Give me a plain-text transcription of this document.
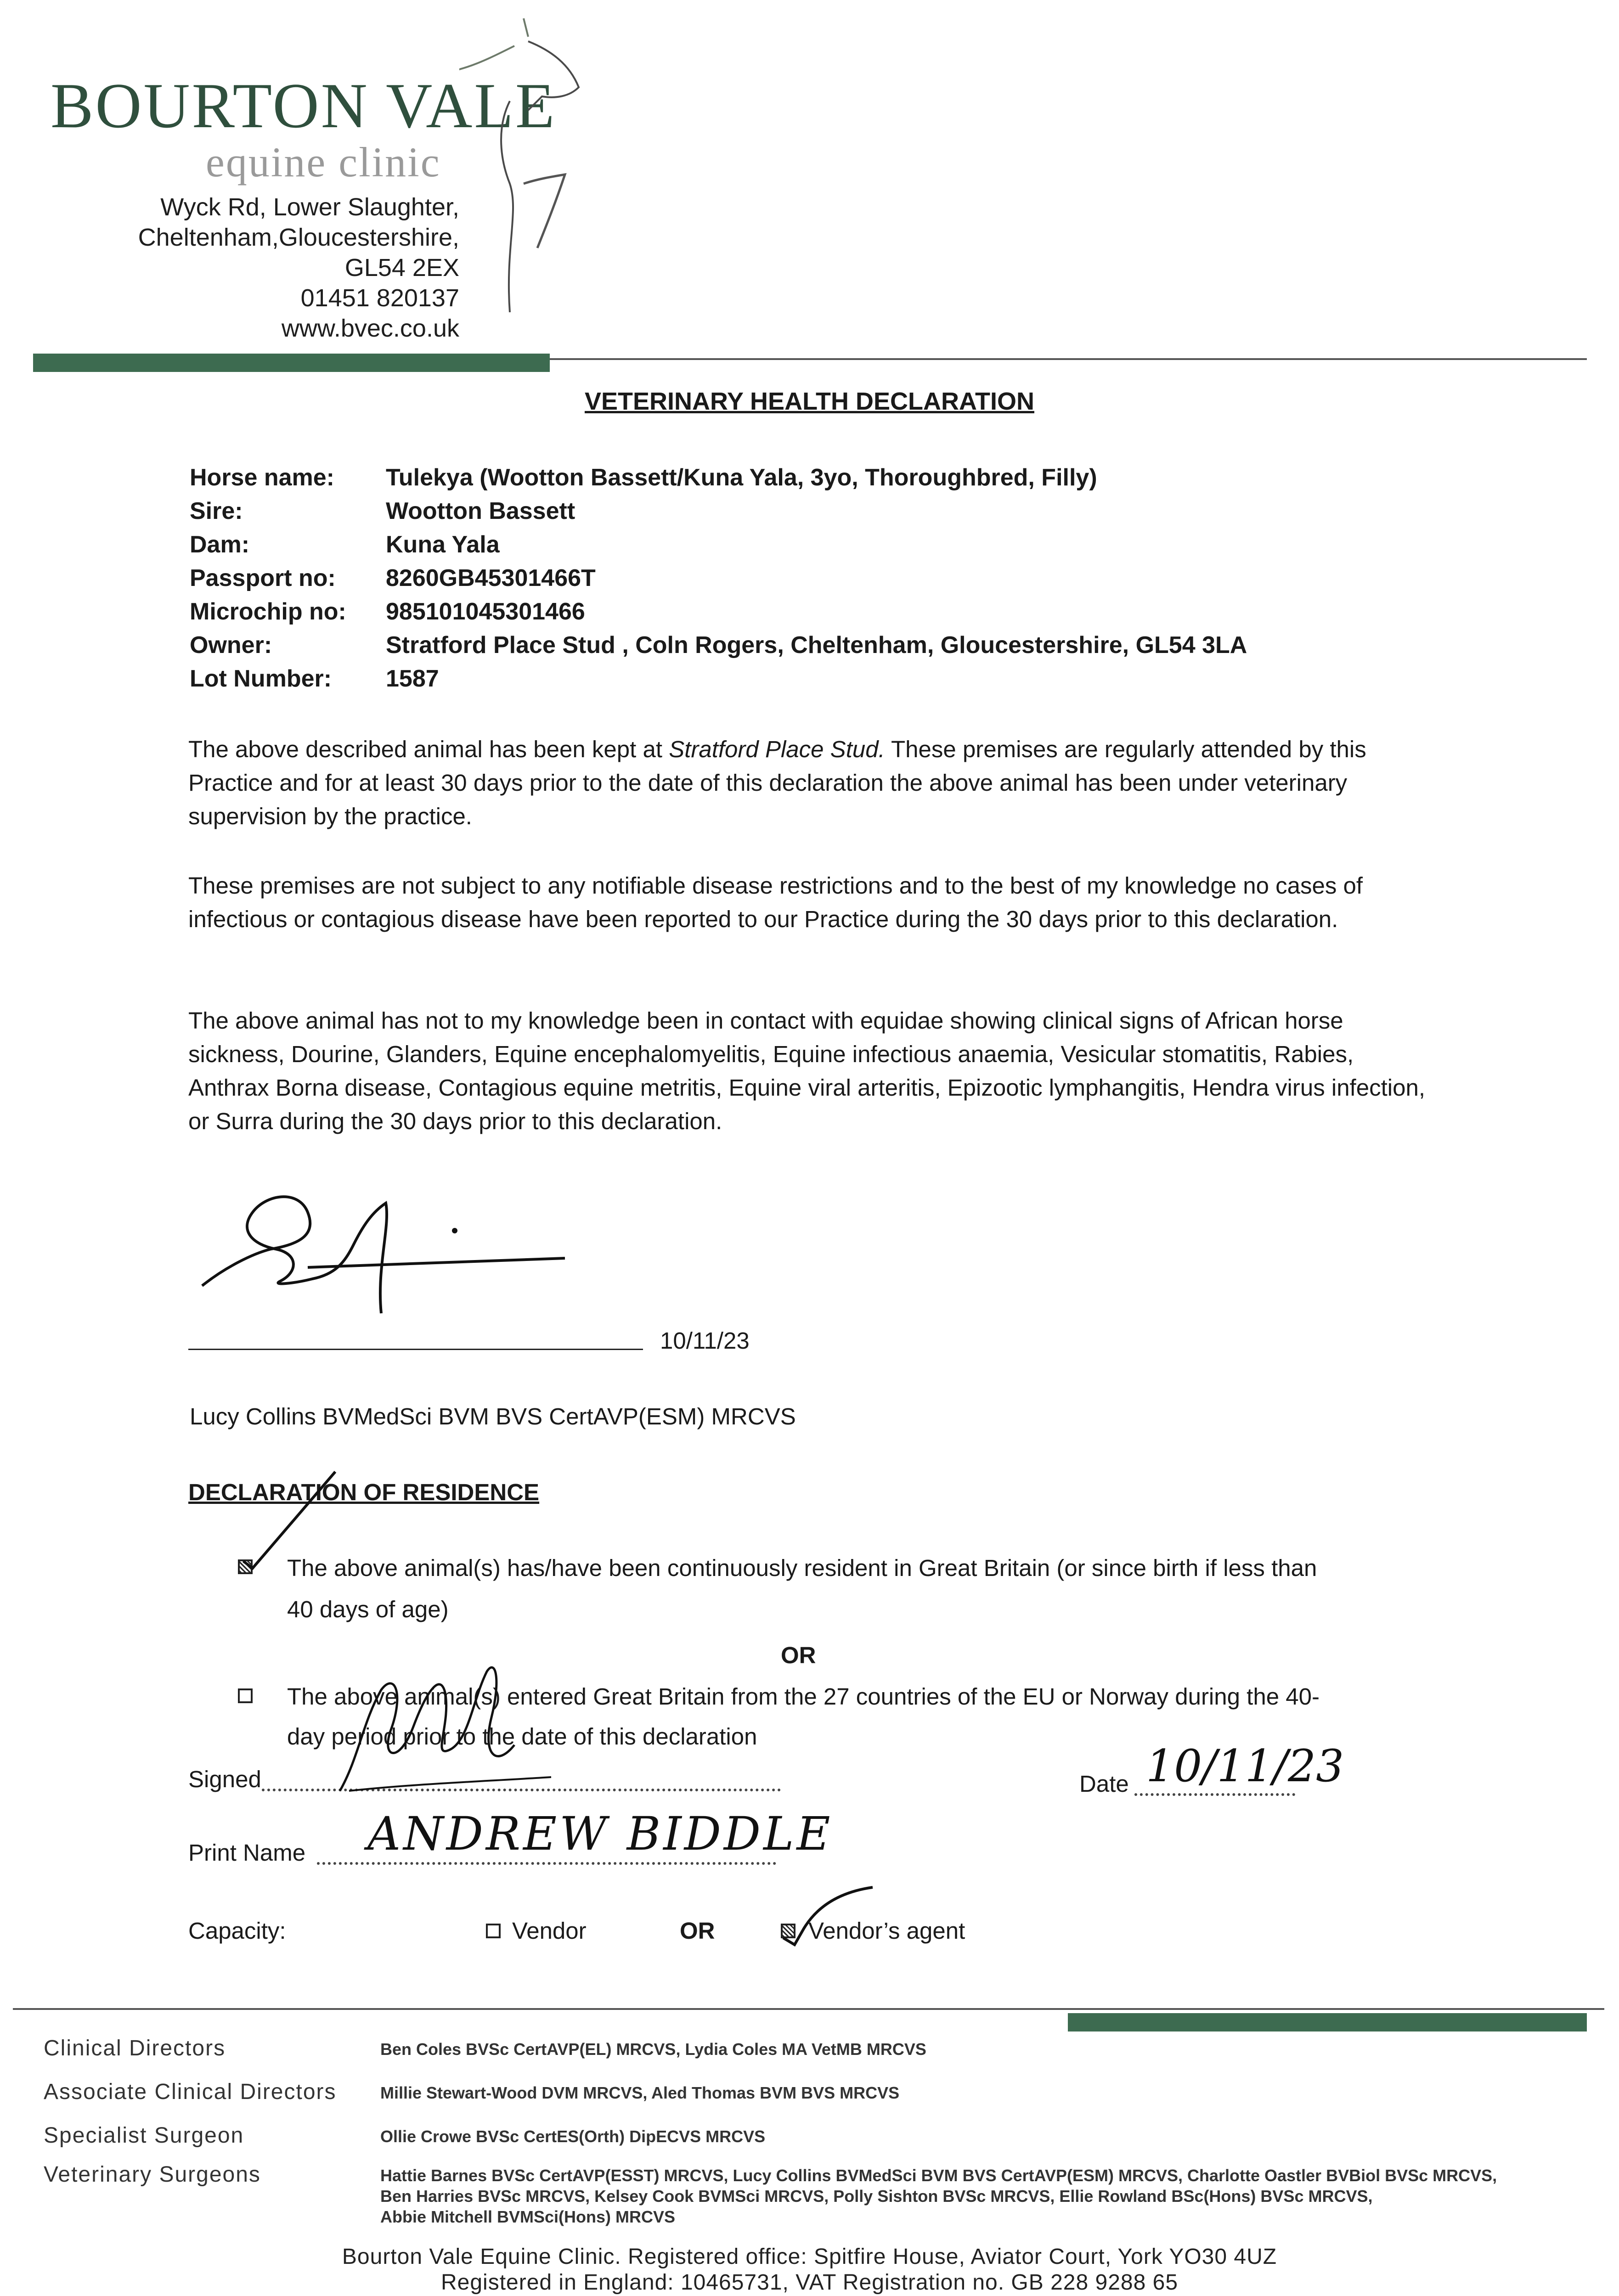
BOURTON VALE
equine clinic
Wyck Rd, Lower Slaughter,
Cheltenham,Gloucestershire,
GL54 2EX
01451 820137
www.bvec.co.uk
VETERINARY HEALTH DECLARATION
Horse name: Tulekya (Wootton Bassett/Kuna Yala, 3yo, Thoroughbred, Filly)
Sire:	Wootton Bassett
Dam:	Kuna Yala
Passport no: 8260GB45301466T
Microchip no: 985101045301466
Owner:	Stratford Place Stud , Coln Rogers, Cheltenham, Gloucestershire, GL54 3LA
Lot Number: 1587
The above described animal has been kept at Stratford Place Stud. These premises are regularly attended by this Practice and for at least 30 days prior to the date of this declaration the above animal has been under veterinary supervision by the practice.
These premises are not subject to any notifiable disease restrictions and to the best of my knowledge no cases of infectious or contagious disease have been reported to our Practice during the 30 days prior to this declaration.
The above animal has not to my knowledge been in contact with equidae showing clinical signs of African horse sickness, Dourine, Glanders, Equine encephalomyelitis, Equine infectious anaemia, Vesicular stomatitis, Rabies, Anthrax Borna disease, Contagious equine metritis, Equine viral arteritis, Epizootic lymphangitis, Hendra virus infection, or Surra during the 30 days prior to this declaration.
10/11/23
Lucy Collins BVMedSci BVM BVS CertAVP(ESM) MRCVS
DECLARATION OF RESIDENCE
The above animal(s) has/have been continuously resident in Great Britain (or since birth if less than
40 days of age)
OR
The above animal(s) entered Great Britain from the 27 countries of the EU or Norway during the 40-
day period prior to the date of this declaration
Signed	Date 10/11/23
Print Name ANDREW BIDDLE
Capacity:	Vendor	OR	Vendor’s agent
Clinical Directors	Ben Coles BVSc CertAVP(EL) MRCVS, Lydia Coles MA VetMB MRCVS
Associate Clinical Directors	Millie Stewart-Wood DVM MRCVS, Aled Thomas BVM BVS MRCVS
Specialist Surgeon	Ollie Crowe BVSc CertES(Orth) DipECVS MRCVS
Veterinary Surgeons	Hattie Barnes BVSc CertAVP(ESST) MRCVS, Lucy Collins BVMedSci BVM BVS CertAVP(ESM) MRCVS, Charlotte Oastler BVBiol BVSc MRCVS,
Ben Harries BVSc MRCVS, Kelsey Cook BVMSci MRCVS, Polly Sishton BVSc MRCVS, Ellie Rowland BSc(Hons) BVSc MRCVS,
Abbie Mitchell BVMSci(Hons) MRCVS
Bourton Vale Equine Clinic. Registered office: Spitfire House, Aviator Court, York YO30 4UZ
Registered in England: 10465731, VAT Registration no. GB 228 9288 65
